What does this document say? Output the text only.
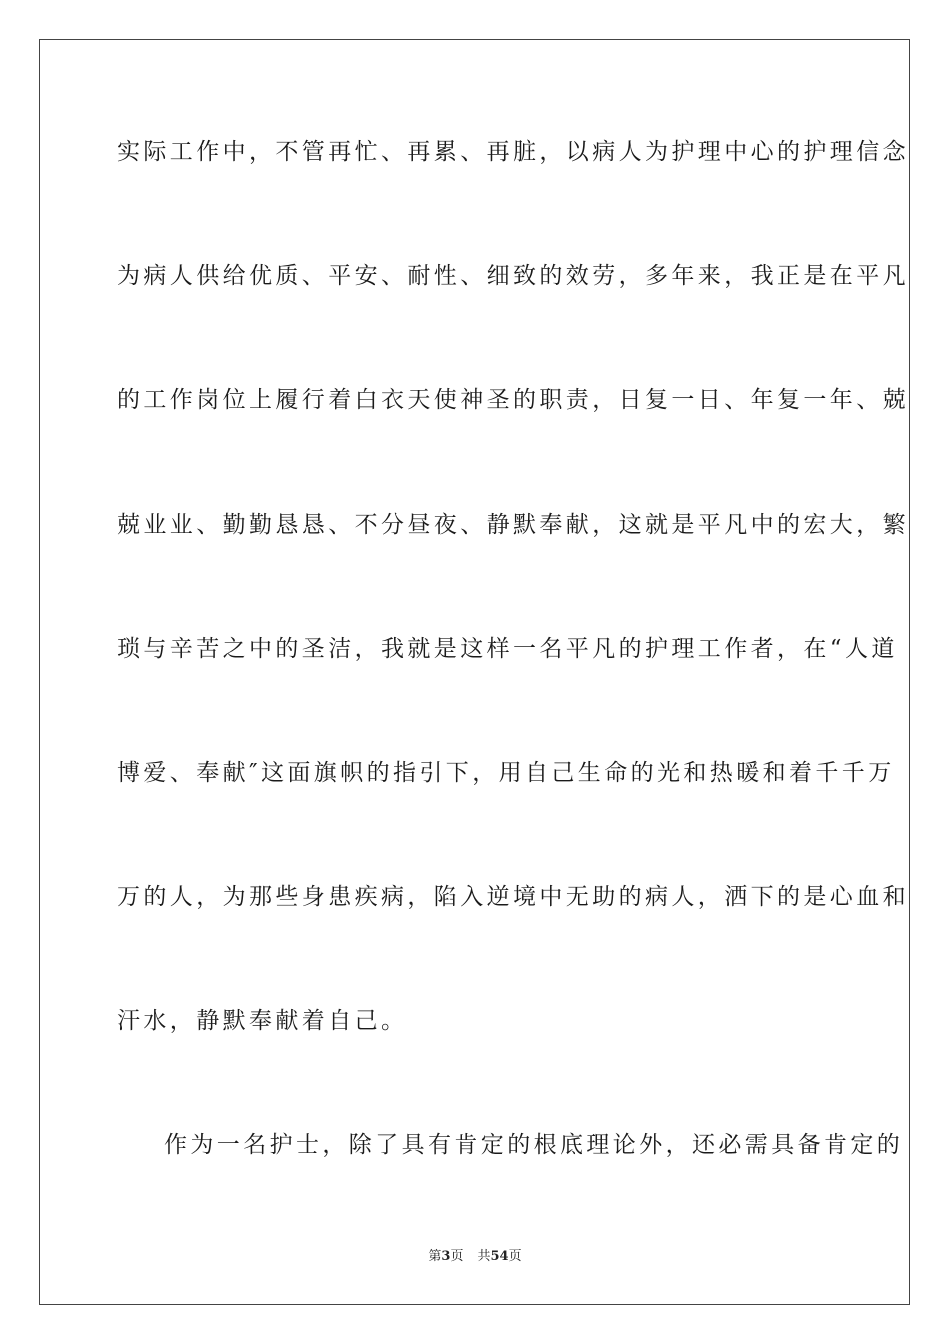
实际工作中，不管再忙、再累、再脏，以病人为护理中心的护理信念
为病人供给优质、平安、耐性、细致的效劳，多年来，我正是在平凡
的工作岗位上履行着白衣天使神圣的职责，日复一日、年复一年、兢
兢业业、勤勤恳恳、不分昼夜、静默奉献，这就是平凡中的宏大，繁
琐与辛苦之中的圣洁，我就是这样一名平凡的护理工作者，在“人道
博爱、奉献″这面旗帜的指引下，用自己生命的光和热暖和着千千万
万的人，为那些身患疾病，陷入逆境中无助的病人，洒下的是心血和
汗水，静默奉献着自己。
作为一名护士，除了具有肯定的根底理论外，还必需具备肯定的
第3页 共54页
